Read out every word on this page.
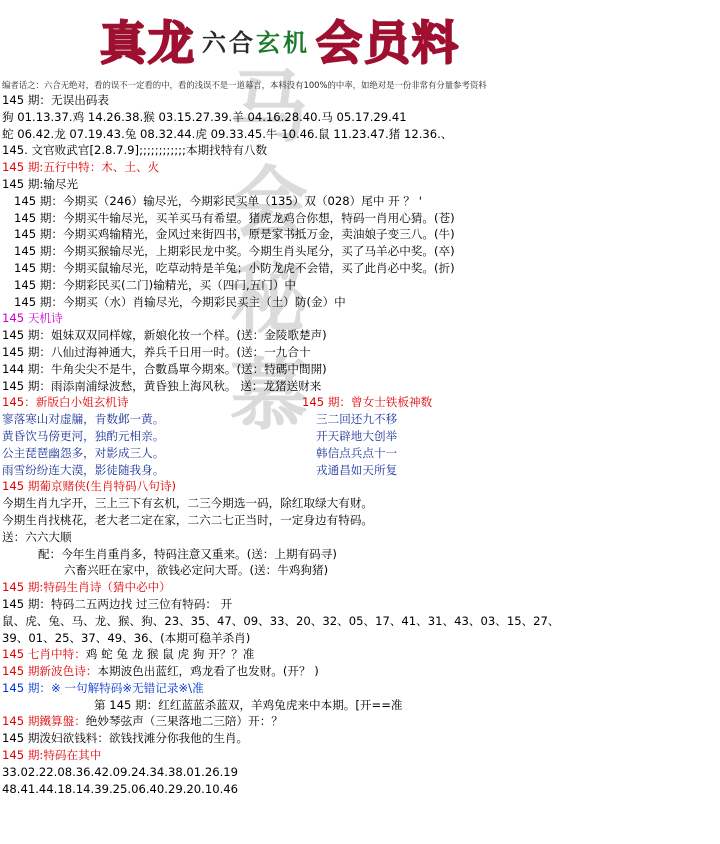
马会秘慕
真龙 六合玄机 会员料
编者话之：六合无绝对，看的误不一定看的中，看的浅误不是一道幕言，本料没有100%的中率，如绝对是一份非常有分量参考资料
145 期：无误出码表
狗 01.13.37.鸡 14.26.38.猴 03.15.27.39.羊 04.16.28.40.马 05.17.29.41
蛇 06.42.龙 07.19.43.兔 08.32.44.虎 09.33.45.牛 10.46.鼠 11.23.47.猪 12.36.、
145. 文官败武官[2.8.7.9];;;;;;;;;;;;本期找特有八数
145 期:五行中特：木、土、火
145 期:输尽光
145 期：今期买（246）输尽光，今期彩民买单（135）双（028）尾中 开 ？ '
145 期：今期买牛输尽光，买羊买马有希望。猪虎龙鸡合你想，特码一肖用心猜。(苍)
145 期：今期买鸡输精光，金风过来街四书，原是家书抵万金，卖油娘子变三八。(牛)
145 期：今期买猴输尽光，上期彩民龙中奖。今期生肖头尾分，买了马羊必中奖。(卒)
145 期：今期买鼠输尽光，吃草动特是羊兔；小防龙虎不会错，买了此肖必中奖。(折)
145 期：今期彩民买(二门)输精光，买（四门,五门）中
145 期：今期买（水）肖输尽光，今期彩民买主（土）防(金）中
145 天机诗
145 期：姐妹双双同样嫁，新娘化妆一个样。(送：金陵歌楚声)
145 期：八仙过海神通大，养兵千日用一时。(送：一九合十
144 期：牛角尖尖不是牛，合數爲單今期來。(送：特碼中間開)
145 期：雨添南浦绿波愁，黄昏独上海风秋。 送：龙猪送财来
145：新版白小姐玄机诗	145 期：曾女士铁板神数
寥落寒山对虚牖，肯数邺一黄。	三二回还九不移
黄昏饮马傍更河，独酌元相亲。	开天辟地大创举
公主琵琶幽怨多，对影成三人。	韩信点兵点十一
雨雪纷纷连大漠，影徒随我身。	戎通昌如天所复
145 期葡京赌侠(生肖特码八句诗)
今期生肖九字开，三上三下有玄机，二三今期选一码，除红取绿大有财。
今期生肖找桃花，老大老二定在家，二六二七正当时，一定身边有特码。
送：六六大顺
配：今年生肖重肖多，特码注意又重来。(送：上期有码寻)
六畜兴旺在家中，欲钱必定问大哥。(送：牛鸡狗猪)
145 期:特码生肖诗（猜中必中）
145 期：特码二五两边找 过三位有特码： 开
鼠、虎、兔、马、龙、猴、狗、23、35、47、09、33、20、32、05、17、41、31、43、03、15、27、
39、01、25、37、49、36、(本期可稳羊杀肖)
145 七肖中特：鸡 蛇 兔 龙 猴 鼠 虎 狗 开？？准
145 期新波色诗：本期波色出蓝红，鸡龙看了也发财。(开？ )
145 期：※ 一句解特码※无错记录※\准
第 145 期：红红蓝蓝杀蓝双，羊鸡兔虎来中本期。[开==准
145 期鐵算盤：绝妙琴弦声（三果落地二三陪）开：？
145 期泼妇欲钱料：欲钱找滩分你我他的生肖。
145 期:特码在其中
33.02.22.08.36.42.09.24.34.38.01.26.19
48.41.44.18.14.39.25.06.40.29.20.10.46
